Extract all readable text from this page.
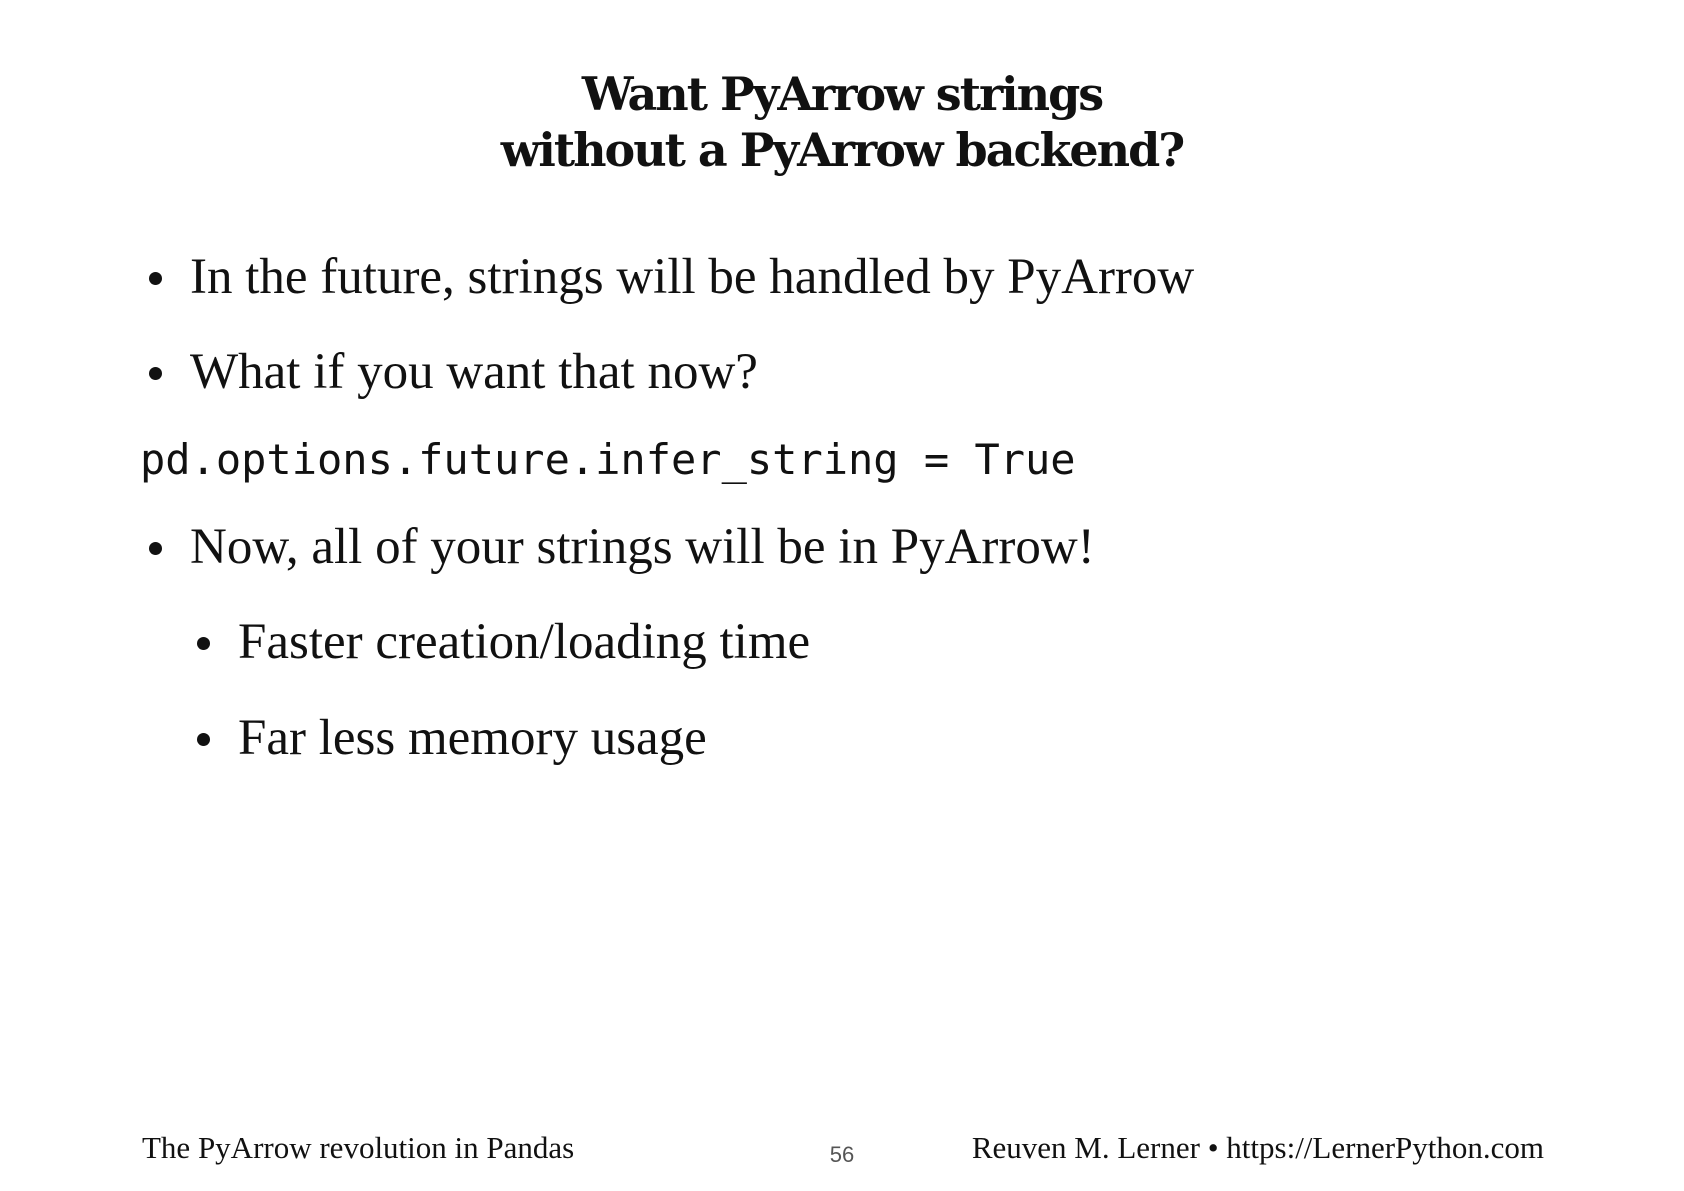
Want PyArrow strings
without a PyArrow backend?
In the future, strings will be handled by PyArrow
What if you want that now?
pd.options.future.infer_string = True
Now, all of your strings will be in PyArrow!
Faster creation/loading time
Far less memory usage
The PyArrow revolution in Pandas	56	Reuven M. Lerner • https://LernerPython.com
